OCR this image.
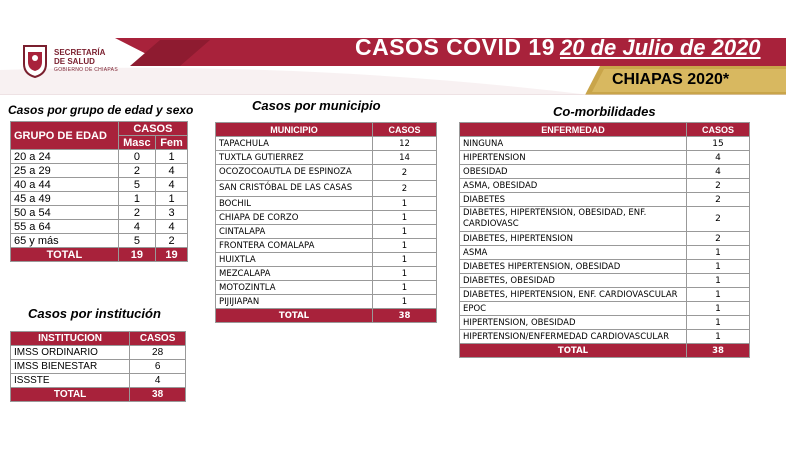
SECRETARÍA
DE SALUD
GOBIERNO DE CHIAPAS
CASOS COVID 19 20 de Julio de 2020
CHIAPAS 2020*
Casos por grupo de edad y sexo
GRUPO DE EDAD	CASOS	
	Masc	Fem
20 a 24	0	1
25 a 29	2	4
40 a 44	5	4
45 a 49	1	1
50 a 54	2	3
55 a 64	4	4
65 y más	5	2
TOTAL	19	19
Casos por institución
INSTITUCION	CASOS
IMSS ORDINARIO	28
IMSS BIENESTAR	6
ISSSTE	4
TOTAL	38
Casos por municipio
MUNICIPIO	CASOS
TAPACHULA	12
TUXTLA GUTIERREZ	14
OCOZOCOAUTLA DE ESPINOZA	2
SAN CRISTÓBAL DE LAS CASAS	2
BOCHIL	1
CHIAPA DE CORZO	1
CINTALAPA	1
FRONTERA COMALAPA	1
HUIXTLA	1
MEZCALAPA	1
MOTOZINTLA	1
PIJIJIAPAN	1
TOTAL	38
Co-morbilidades
ENFERMEDAD	CASOS
NINGUNA	15
HIPERTENSION	4
OBESIDAD	4
ASMA, OBESIDAD	2
DIABETES	2
DIABETES, HIPERTENSION, OBESIDAD, ENF. CARDIOVASC	2
DIABETES, HIPERTENSION	2
ASMA	1
DIABETES HIPERTENSION, OBESIDAD	1
DIABETES, OBESIDAD	1
DIABETES, HIPERTENSION, ENF. CARDIOVASCULAR	1
EPOC	1
HIPERTENSION, OBESIDAD	1
HIPERTENSION/ENFERMEDAD CARDIOVASCULAR	1
TOTAL	38
